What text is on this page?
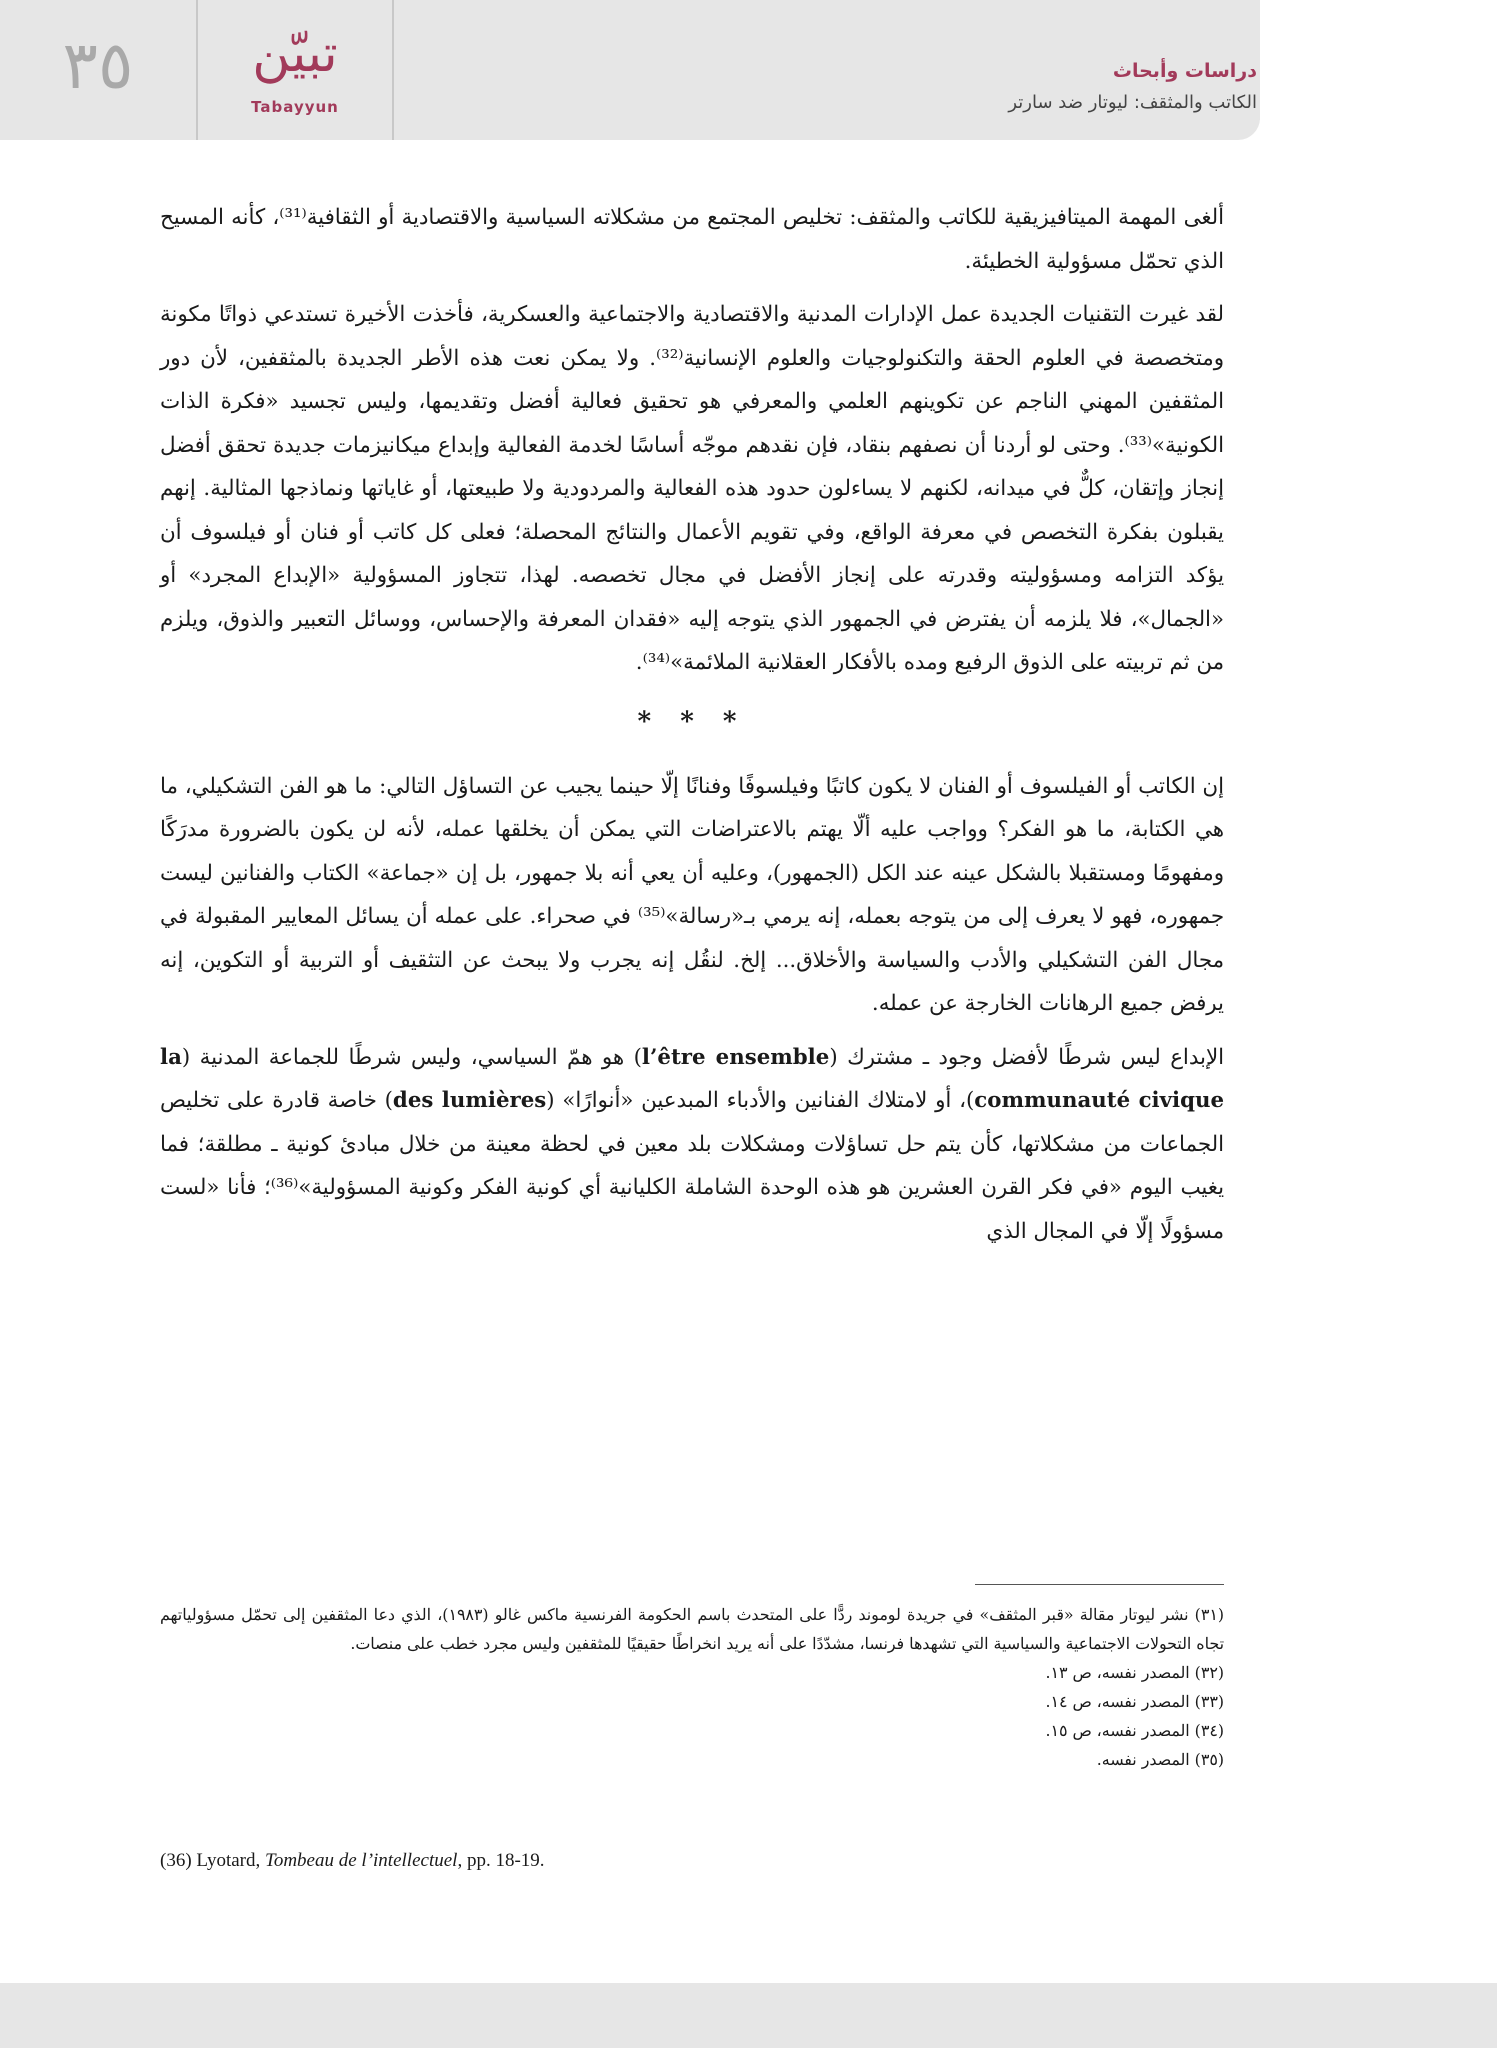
٣٥	تبيّن
Tabayyun
دراسات وأبحاث
الكاتب والمثقف: ليوتار ضد سارتر

ألغى المهمة الميتافيزيقية للكاتب والمثقف: تخليص المجتمع من مشكلاته السياسية والاقتصادية أو الثقافية⁽³¹⁾، كأنه المسيح الذي تحمّل مسؤولية الخطيئة.

لقد غيرت التقنيات الجديدة عمل الإدارات المدنية والاقتصادية والاجتماعية والعسكرية، فأخذت الأخيرة تستدعي ذواتًا مكونة ومتخصصة في العلوم الحقة والتكنولوجيات والعلوم الإنسانية⁽³²⁾. ولا يمكن نعت هذه الأطر الجديدة بالمثقفين، لأن دور المثقفين المهني الناجم عن تكوينهم العلمي والمعرفي هو تحقيق فعالية أفضل وتقديمها، وليس تجسيد «فكرة الذات الكونية»⁽³³⁾. وحتى لو أردنا أن نصفهم بنقاد، فإن نقدهم موجّه أساسًا لخدمة الفعالية وإبداع ميكانيزمات جديدة تحقق أفضل إنجاز وإتقان، كلٌّ في ميدانه، لكنهم لا يساءلون حدود هذه الفعالية والمردودية ولا طبيعتها، أو غاياتها ونماذجها المثالية. إنهم يقبلون بفكرة التخصص في معرفة الواقع، وفي تقويم الأعمال والنتائج المحصلة؛ فعلى كل كاتب أو فنان أو فيلسوف أن يؤكد التزامه ومسؤوليته وقدرته على إنجاز الأفضل في مجال تخصصه. لهذا، تتجاوز المسؤولية «الإبداع المجرد» أو «الجمال»، فلا يلزمه أن يفترض في الجمهور الذي يتوجه إليه «فقدان المعرفة والإحساس، ووسائل التعبير والذوق، ويلزم من ثم تربيته على الذوق الرفيع ومده بالأفكار العقلانية الملائمة»⁽³⁴⁾.

* * *

إن الكاتب أو الفيلسوف أو الفنان لا يكون كاتبًا وفيلسوفًا وفنانًا إلّا حينما يجيب عن التساؤل التالي: ما هو الفن التشكيلي، ما هي الكتابة، ما هو الفكر؟ وواجب عليه ألّا يهتم بالاعتراضات التي يمكن أن يخلقها عمله، لأنه لن يكون بالضرورة مدرَكًا ومفهومًا ومستقبلا بالشكل عينه عند الكل (الجمهور)، وعليه أن يعي أنه بلا جمهور، بل إن «جماعة» الكتاب والفنانين ليست جمهوره، فهو لا يعرف إلى من يتوجه بعمله، إنه يرمي بـ«رسالة»⁽³⁵⁾ في صحراء. على عمله أن يسائل المعايير المقبولة في مجال الفن التشكيلي والأدب والسياسة والأخلاق... إلخ. لنقُل إنه يجرب ولا يبحث عن التثقيف أو التربية أو التكوين، إنه يرفض جميع الرهانات الخارجة عن عمله.

الإبداع ليس شرطًا لأفضل وجود ـ مشترك (l’être ensemble) هو همّ السياسي، وليس شرطًا للجماعة المدنية (la communauté civique)، أو لامتلاك الفنانين والأدباء المبدعين «أنوارًا» (des lumières) خاصة قادرة على تخليص الجماعات من مشكلاتها، كأن يتم حل تساؤلات ومشكلات بلد معين في لحظة معينة من خلال مبادئ كونية ـ مطلقة؛ فما يغيب اليوم «في فكر القرن العشرين هو هذه الوحدة الشاملة الكليانية أي كونية الفكر وكونية المسؤولية»⁽³⁶⁾؛ فأنا «لست مسؤولًا إلّا في المجال الذي

(٣١) نشر ليوتار مقالة «قبر المثقف» في جريدة لوموند ردًّا على المتحدث باسم الحكومة الفرنسية ماكس غالو (١٩٨٣)، الذي دعا المثقفين إلى تحمّل مسؤولياتهم تجاه التحولات الاجتماعية والسياسية التي تشهدها فرنسا، مشدّدًا على أنه يريد انخراطًا حقيقيًا للمثقفين وليس مجرد خطب على منصات.

(٣٢) المصدر نفسه، ص ١٣.

(٣٣) المصدر نفسه، ص ١٤.

(٣٤) المصدر نفسه، ص ١٥.

(٣٥) المصدر نفسه.

(36) Lyotard, Tombeau de l’intellectuel, pp. 18-19.
